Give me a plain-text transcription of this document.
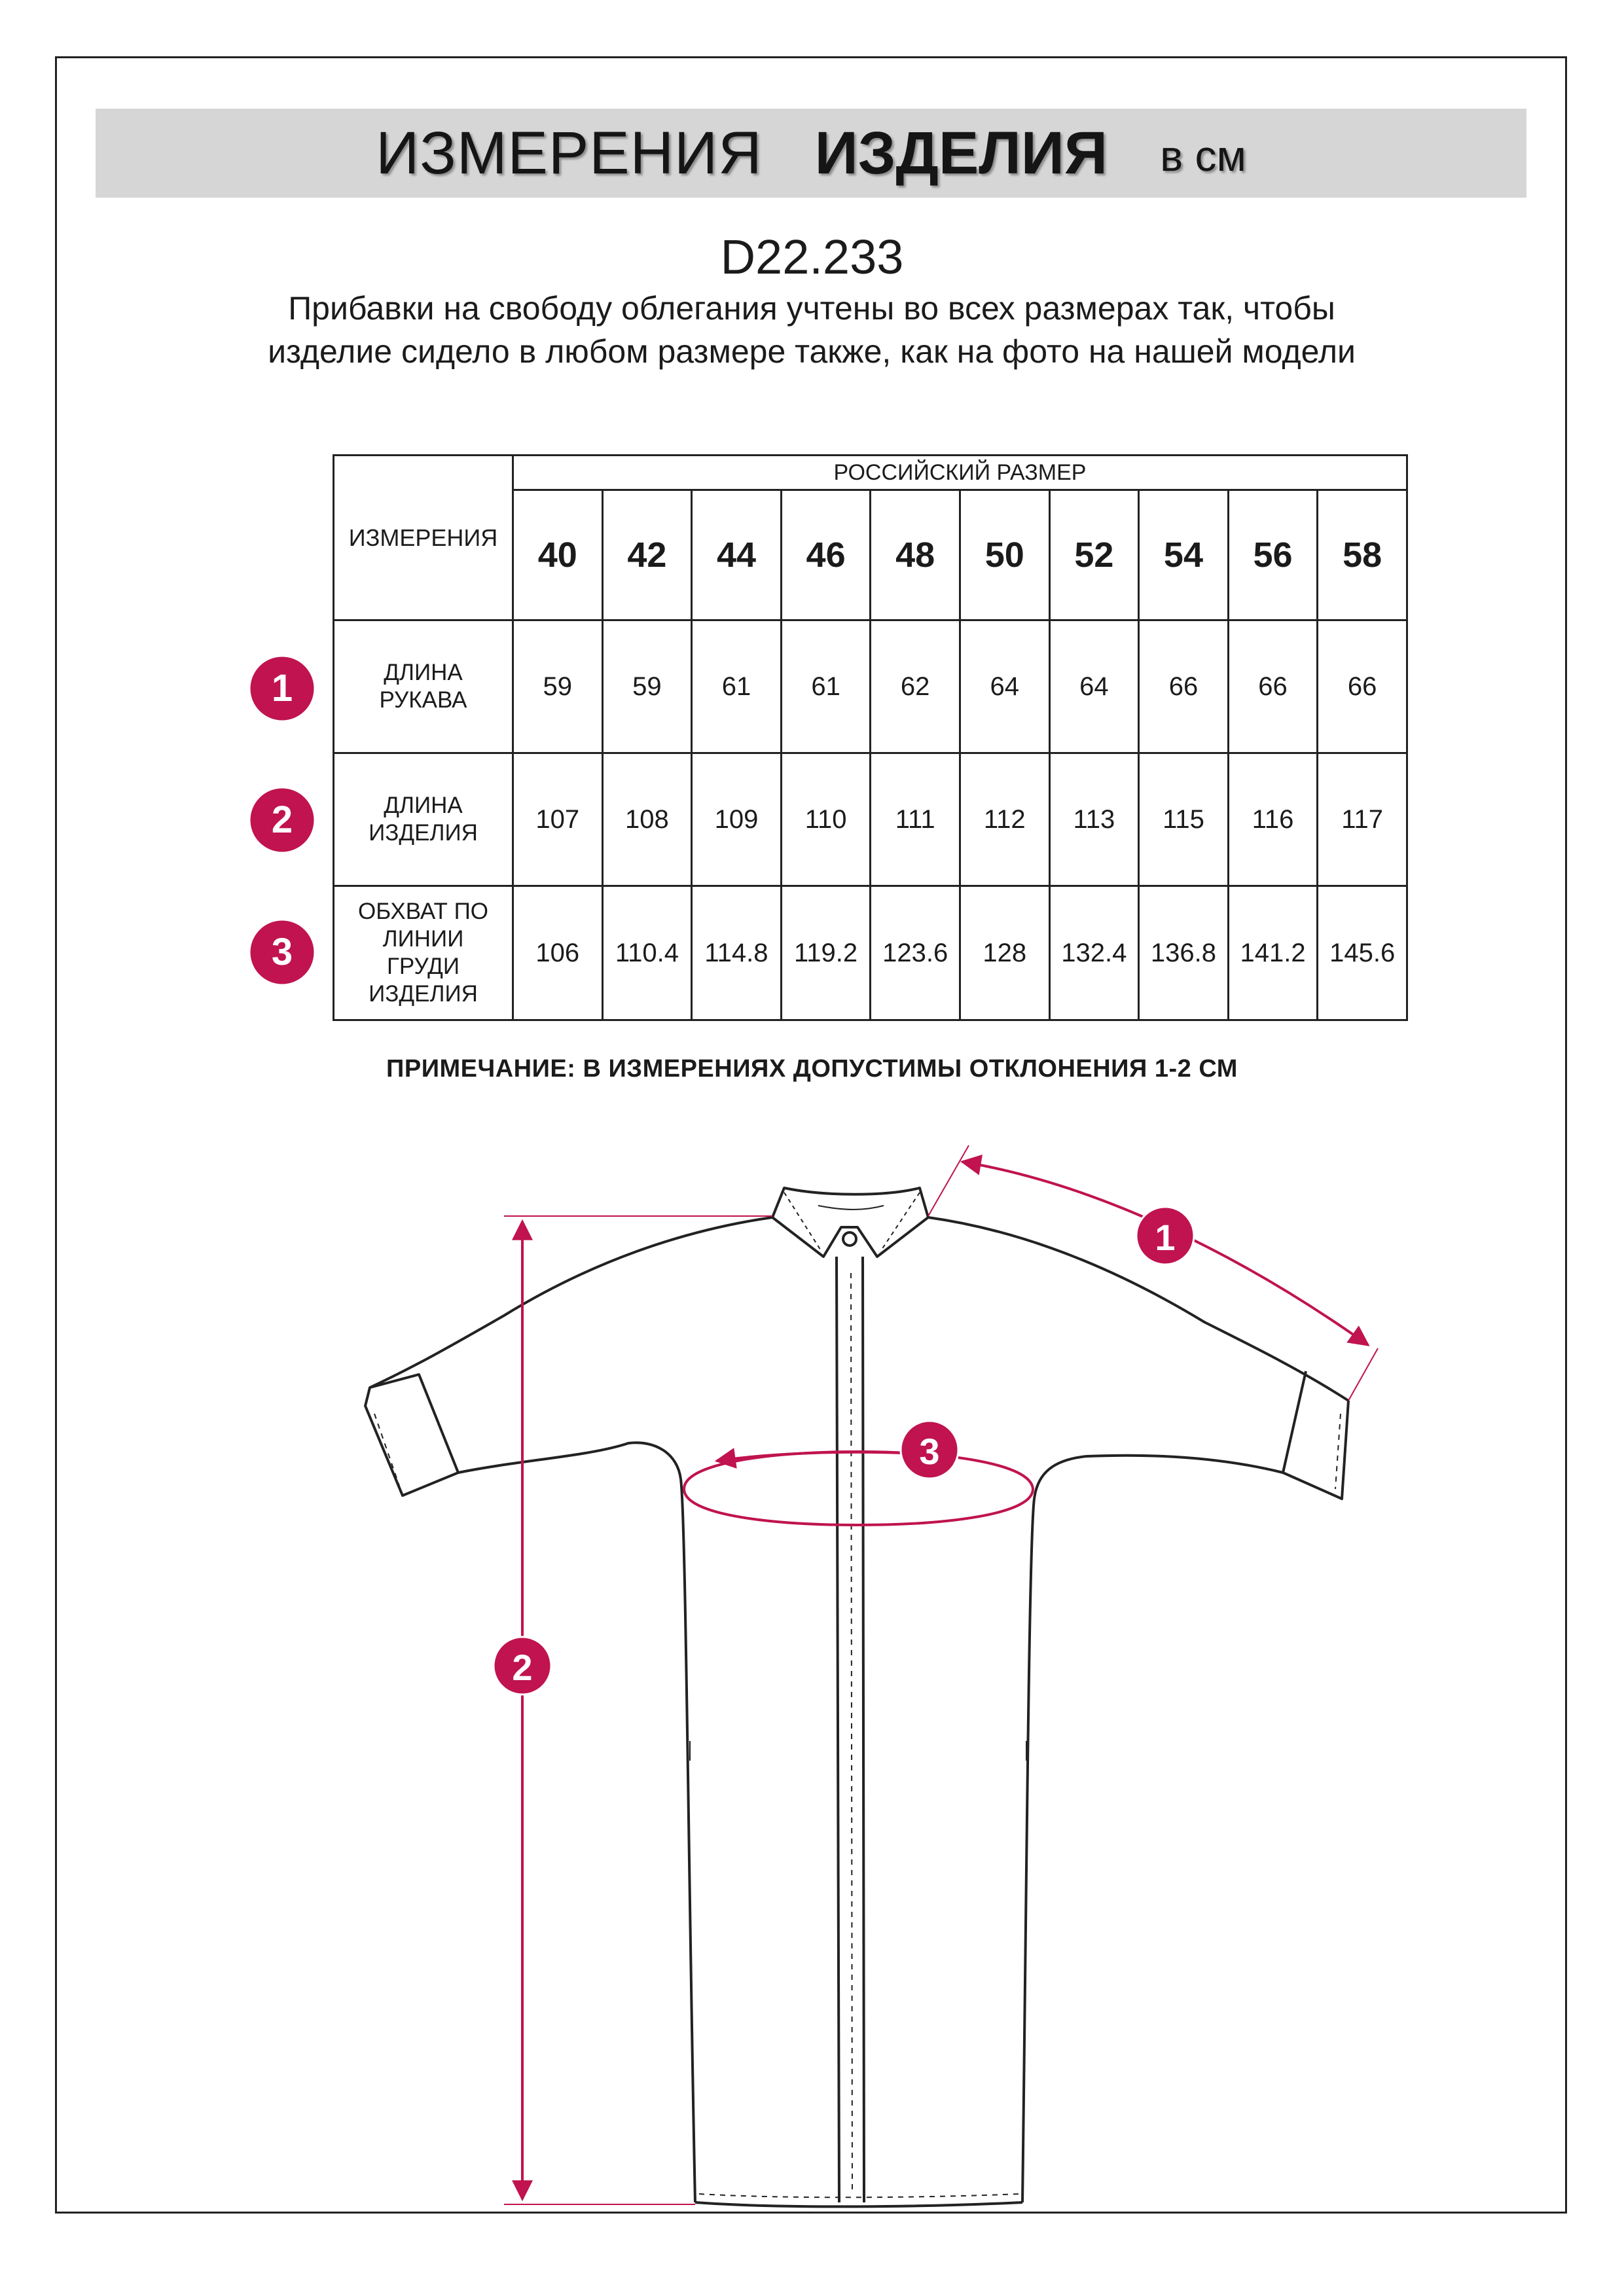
ИЗМЕРЕНИЯ ИЗДЕЛИЯ в см
D22.233
Прибавки на свободу облегания учтены во всех размерах так, чтобы изделие сидело в любом размере также, как на фото на нашей модели
ИЗМЕРЕНИЯ	РОССИЙСКИЙ РАЗМЕР									
	40	42	44	46	48	50	52	54	56	58
ДЛИНА
РУКАВА	59	59	61	61	62	64	64	66	66	66
ДЛИНА
ИЗДЕЛИЯ	107	108	109	110	111	112	113	115	116	117
ОБХВАТ ПО
ЛИНИИ
ГРУДИ
ИЗДЕЛИЯ	106	110.4	114.8	119.2	123.6	128	132.4	136.8	141.2	145.6
1
2
3
ПРИМЕЧАНИЕ: В ИЗМЕРЕНИЯХ ДОПУСТИМЫ ОТКЛОНЕНИЯ 1-2 СМ
1
2
3
